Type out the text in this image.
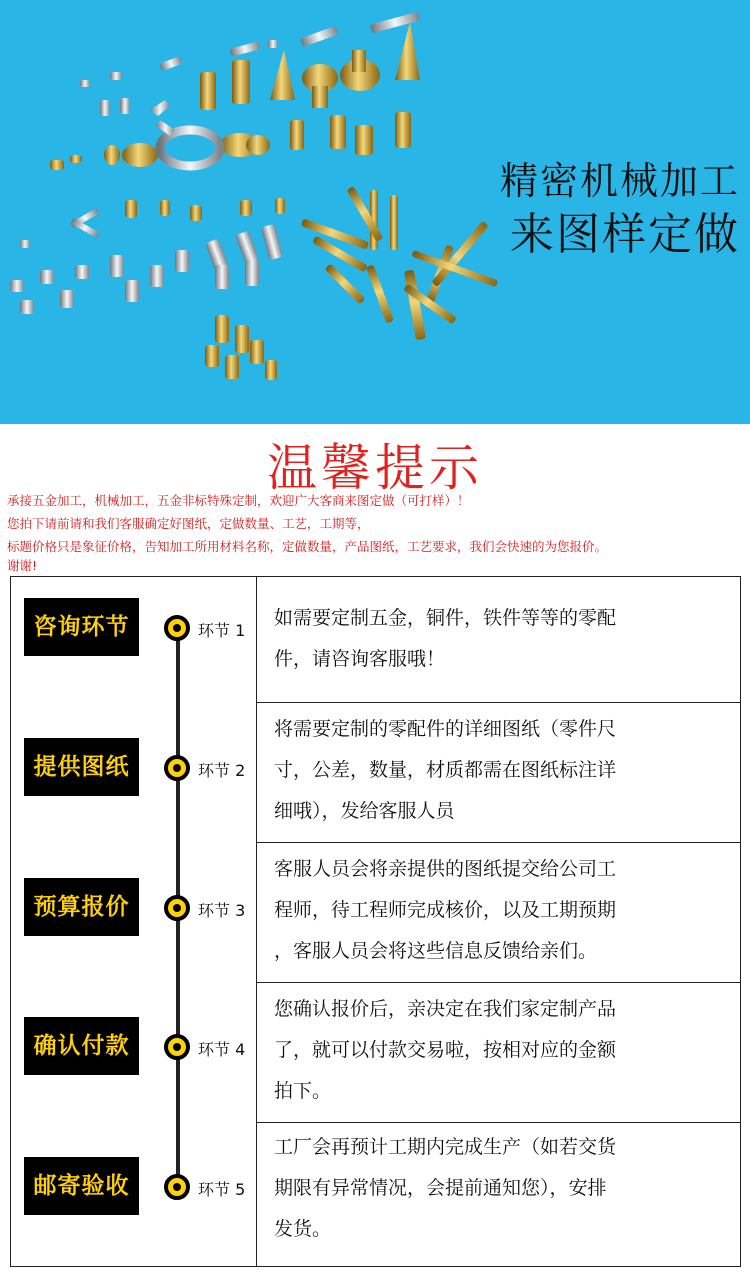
精密机械加工
来图样定做
温馨提示
承接五金加工，机械加工，五金非标特殊定制，欢迎广大客商来图定做（可打样）！
您拍下请前请和我们客服确定好图纸，定做数量、工艺，工期等，
标题价格只是象征价格，告知加工所用材料名称，定做数量，产品图纸，工艺要求，我们会快速的为您报价。
谢谢!
咨询环节	环节 1
如需要定制五金，铜件，铁件等等的零配
件，请咨询客服哦！
提供图纸	环节 2
将需要定制的零配件的详细图纸（零件尺
寸，公差，数量，材质都需在图纸标注详
细哦），发给客服人员
预算报价	环节 3
客服人员会将亲提供的图纸提交给公司工
程师，待工程师完成核价，以及工期预期
，客服人员会将这些信息反馈给亲们。
确认付款	环节 4
您确认报价后，亲决定在我们家定制产品
了，就可以付款交易啦，按相对应的金额
拍下。
邮寄验收	环节 5
工厂会再预计工期内完成生产（如若交货
期限有异常情况，会提前通知您），安排
发货。
